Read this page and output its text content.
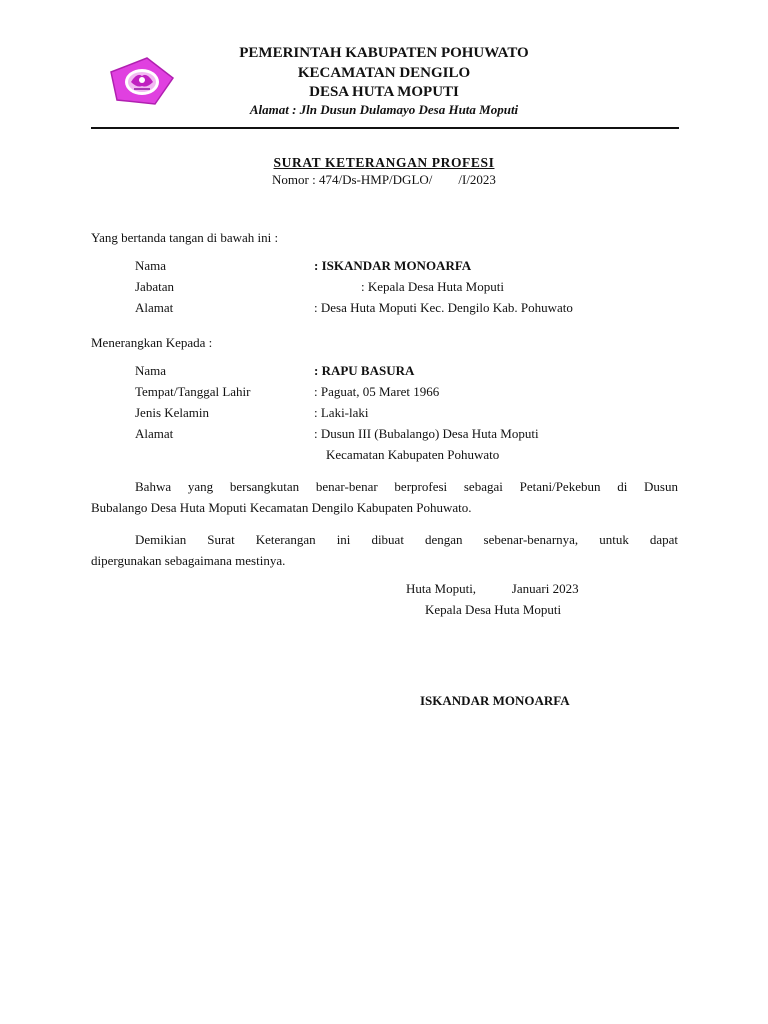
PEMERINTAH KABUPATEN POHUWATO
KECAMATAN DENGILO
DESA HUTA MOPUTI
Alamat : Jln Dusun Dulamayo Desa Huta Moputi
SURAT KETERANGAN PROFESI
Nomor : 474/Ds-HMP/DGLO/        /I/2023
Yang bertanda tangan di bawah ini :
Nama	: ISKANDAR MONOARFA
Jabatan	: Kepala Desa Huta Moputi
Alamat	: Desa Huta Moputi Kec. Dengilo Kab. Pohuwato
Menerangkan Kepada :
Nama	: RAPU BASURA
Tempat/Tanggal Lahir	: Paguat, 05 Maret 1966
Jenis Kelamin	: Laki-laki
Alamat	: Dusun III (Bubalango) Desa Huta Moputi
Kecamatan Kabupaten Pohuwato
Bahwa yang bersangkutan benar-benar berprofesi sebagai Petani/Pekebun di Dusun
Bubalango Desa Huta Moputi Kecamatan Dengilo Kabupaten Pohuwato.
Demikian Surat Keterangan ini dibuat dengan sebenar-benarnya, untuk dapat
dipergunakan sebagaimana mestinya.
Huta Moputi,           Januari 2023
Kepala Desa Huta Moputi
ISKANDAR MONOARFA
